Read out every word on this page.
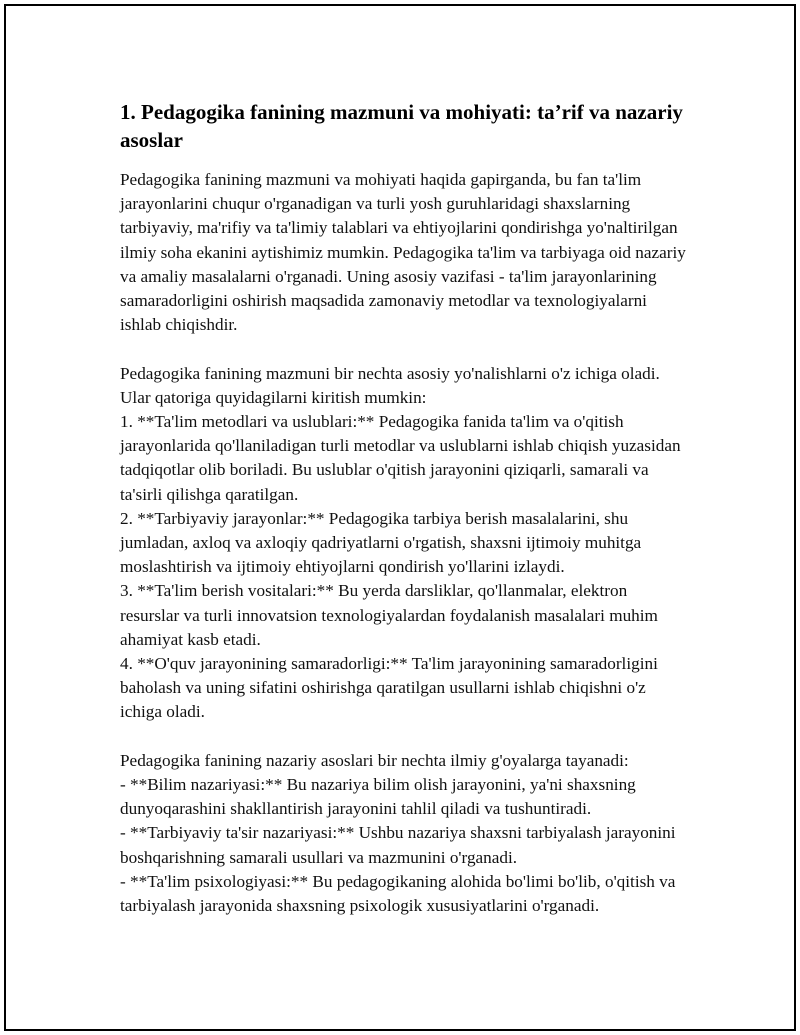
1. Pedagogika fanining mazmuni va mohiyati: ta’rif va nazariy asoslar

Pedagogika fanining mazmuni va mohiyati haqida gapirganda, bu fan ta'lim jarayonlarini chuqur o'rganadigan va turli yosh guruhlaridagi shaxslarning tarbiyaviy, ma'rifiy va ta'limiy talablari va ehtiyojlarini qondirishga yo'naltirilgan ilmiy soha ekanini aytishimiz mumkin. Pedagogika ta'lim va tarbiyaga oid nazariy va amaliy masalalarni o'rganadi. Uning asosiy vazifasi - ta'lim jarayonlarining samaradorligini oshirish maqsadida zamonaviy metodlar va texnologiyalarni ishlab chiqishdir.

Pedagogika fanining mazmuni bir nechta asosiy yo'nalishlarni o'z ichiga oladi. Ular qatoriga quyidagilarni kiritish mumkin:
1. **Ta'lim metodlari va uslublari:** Pedagogika fanida ta'lim va o'qitish jarayonlarida qo'llaniladigan turli metodlar va uslublarni ishlab chiqish yuzasidan tadqiqotlar olib boriladi. Bu uslublar o'qitish jarayonini qiziqarli, samarali va ta'sirli qilishga qaratilgan.
2. **Tarbiyaviy jarayonlar:** Pedagogika tarbiya berish masalalarini, shu jumladan, axloq va axloqiy qadriyatlarni o'rgatish, shaxsni ijtimoiy muhitga moslashtirish va ijtimoiy ehtiyojlarni qondirish yo'llarini izlaydi.
3. **Ta'lim berish vositalari:** Bu yerda darsliklar, qo'llanmalar, elektron resurslar va turli innovatsion texnologiyalardan foydalanish masalalari muhim ahamiyat kasb etadi.
4. **O'quv jarayonining samaradorligi:** Ta'lim jarayonining samaradorligini baholash va uning sifatini oshirishga qaratilgan usullarni ishlab chiqishni o'z ichiga oladi.

Pedagogika fanining nazariy asoslari bir nechta ilmiy g'oyalarga tayanadi:
- **Bilim nazariyasi:** Bu nazariya bilim olish jarayonini, ya'ni shaxsning dunyoqarashini shakllantirish jarayonini tahlil qiladi va tushuntiradi.
- **Tarbiyaviy ta'sir nazariyasi:** Ushbu nazariya shaxsni tarbiyalash jarayonini boshqarishning samarali usullari va mazmunini o'rganadi.
- **Ta'lim psixologiyasi:** Bu pedagogikaning alohida bo'limi bo'lib, o'qitish va tarbiyalash jarayonida shaxsning psixologik xususiyatlarini o'rganadi.
